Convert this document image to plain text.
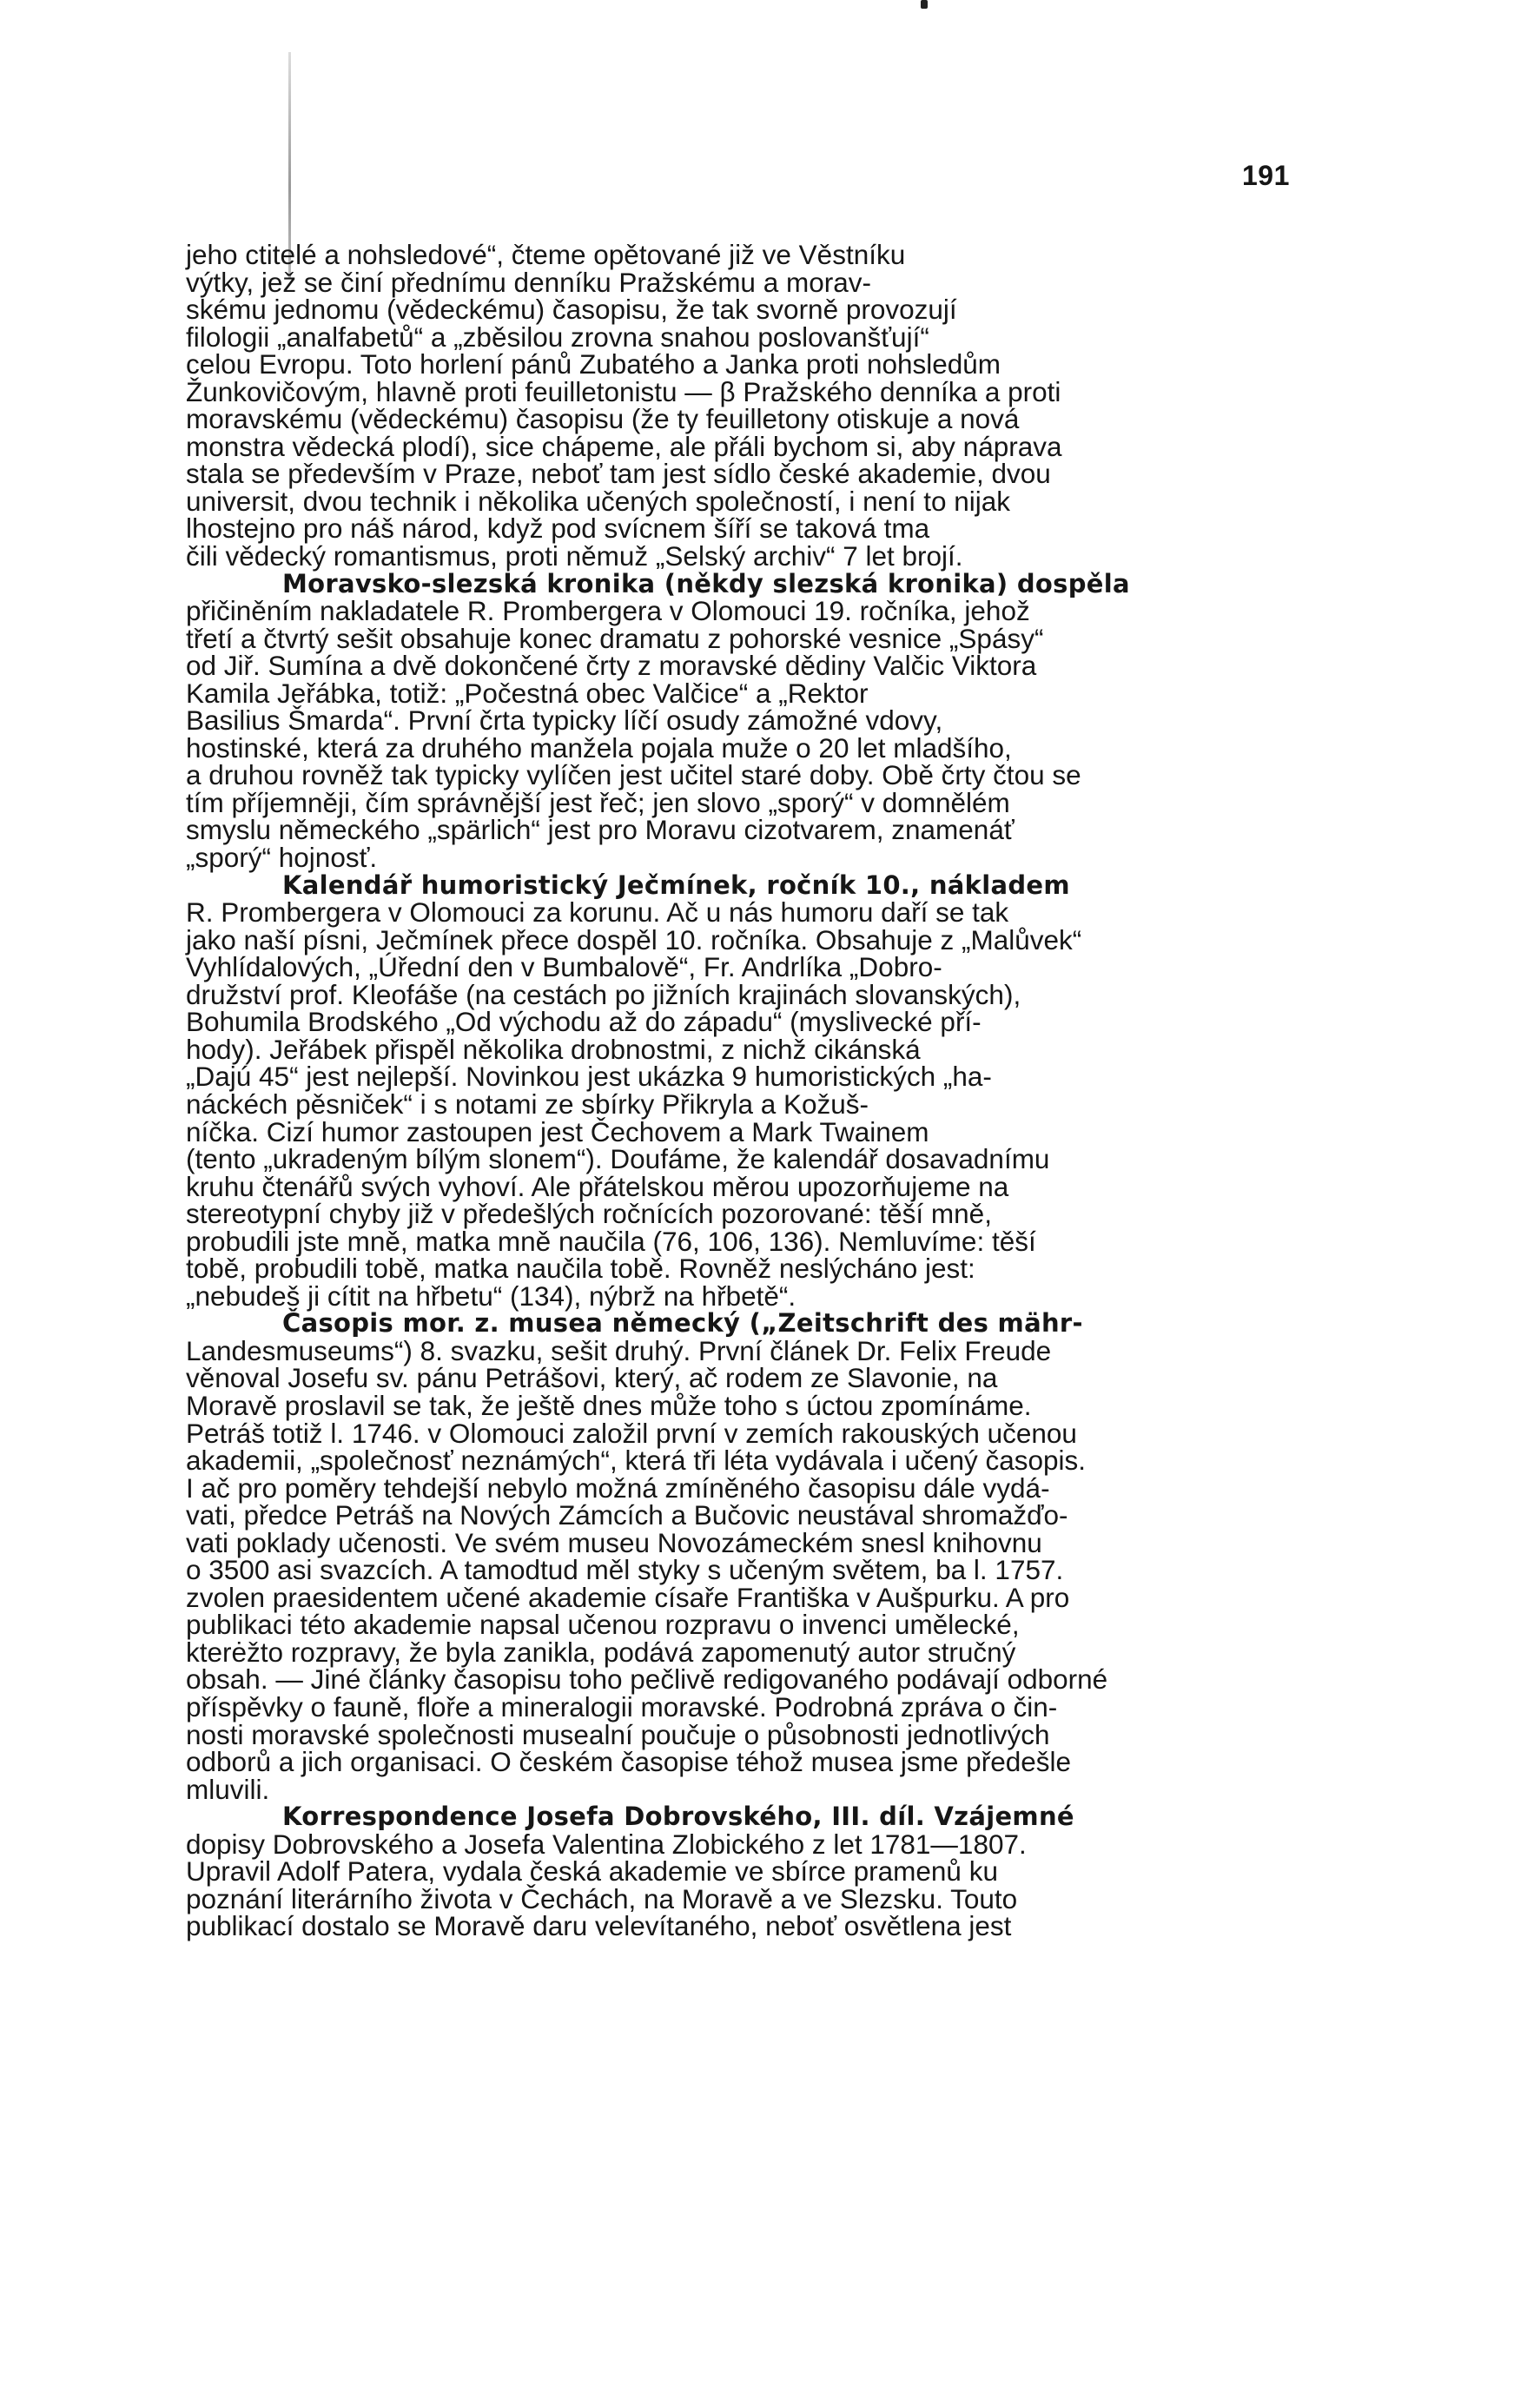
191
jeho ctitelé a nohsledové“, čteme opětované již ve Věstníku
výtky, jež se činí přednímu denníku Pražskému a morav-
skému jednomu (vědeckému) časopisu, že tak svorně provozují
filologii „analfabetů“ a „zběsilou zrovna snahou poslovanšťují“
celou Evropu. Toto horlení pánů Zubatého a Janka proti nohsledům
Žunkovičovým, hlavně proti feuilletonistu — β Pražského denníka a proti
moravskému (vědeckému) časopisu (že ty feuilletony otiskuje a nová
monstra vědecká plodí), sice chápeme, ale přáli bychom si, aby náprava
stala se především v Praze, neboť tam jest sídlo české akademie, dvou
universit, dvou technik i několika učených společností, i není to nijak
lhostejno pro náš národ, když pod svícnem šíří se taková tma
čili vědecký romantismus, proti němuž „Selský archiv“ 7 let brojí.
Moravsko-slezská kronika (někdy slezská kronika) dospěla
přičiněním nakladatele R. Prombergera v Olomouci 19. ročníka, jehož
třetí a čtvrtý sešit obsahuje konec dramatu z pohorské vesnice „Spásy“
od Jiř. Sumína a dvě dokončené črty z moravské dědiny Valčic Viktora
Kamila Jeřábka, totiž: „Počestná obec Valčice“ a „Rektor
Basilius Šmarda“. První črta typicky líčí osudy zámožné vdovy,
hostinské, která za druhého manžela pojala muže o 20 let mladšího,
a druhou rovněž tak typicky vylíčen jest učitel staré doby. Obě črty čtou se
tím příjemněji, čím správnější jest řeč; jen slovo „sporý“ v domnělém
smyslu německého „spärlich“ jest pro Moravu cizotvarem, znamenáť
„sporý“ hojnosť.
Kalendář humoristický Ječmínek, ročník 10., nákladem
R. Prombergera v Olomouci za korunu. Ač u nás humoru daří se tak
jako naší písni, Ječmínek přece dospěl 10. ročníka. Obsahuje z „Malůvek“
Vyhlídalových, „Úřední den v Bumbalově“, Fr. Andrlíka „Dobro-
družství prof. Kleofáše (na cestách po jižních krajinách slovanských),
Bohumila Brodského „Od východu až do západu“ (myslivecké pří-
hody). Jeřábek přispěl několika drobnostmi, z nichž cikánská
„Dajú 45“ jest nejlepší. Novinkou jest ukázka 9 humoristických „ha-
náckéch pěsniček“ i s notami ze sbírky Přikryla a Kožuš-
níčka. Cizí humor zastoupen jest Čechovem a Mark Twainem
(tento „ukradeným bílým slonem“). Doufáme, že kalendář dosavadnímu
kruhu čtenářů svých vyhoví. Ale přátelskou měrou upozorňujeme na
stereotypní chyby již v předešlých ročnících pozorované: těší mně,
probudili jste mně, matka mně naučila (76, 106, 136). Nemluvíme: těší
tobě, probudili tobě, matka naučila tobě. Rovněž neslýcháno jest:
„nebudeš ji cítit na hřbetu“ (134), nýbrž na hřbetě“.
Časopis mor. z. musea německý („Zeitschrift des mähr-
Landesmuseums“) 8. svazku, sešit druhý. První článek Dr. Felix Freude
věnoval Josefu sv. pánu Petrášovi, který, ač rodem ze Slavonie, na
Moravě proslavil se tak, že ještě dnes může toho s úctou zpomínáme.
Petráš totiž l. 1746. v Olomouci založil první v zemích rakouských učenou
akademii, „společnosť neznámých“, která tři léta vydávala i učený časopis.
I ač pro poměry tehdejší nebylo možná zmíněného časopisu dále vydá-
vati, předce Petráš na Nových Zámcích a Bučovic neustával shromažďo-
vati poklady učenosti. Ve svém museu Novozámeckém snesl knihovnu
o 3500 asi svazcích. A tamodtud měl styky s učeným světem, ba l. 1757.
zvolen praesidentem učené akademie císaře Františka v Aušpurku. A pro
publikaci této akademie napsal učenou rozpravu o invenci umělecké,
kterėžto rozpravy, že byla zanikla, podává zapomenutý autor stručný
obsah. — Jiné články časopisu toho pečlivě redigovaného podávají odborné
příspěvky o fauně, floře a mineralogii moravské. Podrobná zpráva o čin-
nosti moravské společnosti musealní poučuje o působnosti jednotlivých
odborů a jich organisaci. O českém časopise téhož musea jsme předešle
mluvili.
Korrespondence Josefa Dobrovského, III. díl. Vzájemné
dopisy Dobrovského a Josefa Valentina Zlobického z let 1781—1807.
Upravil Adolf Patera, vydala česká akademie ve sbírce pramenů ku
poznání literárního života v Čechách, na Moravě a ve Slezsku. Touto
publikací dostalo se Moravě daru velevítaného, neboť osvětlena jest
